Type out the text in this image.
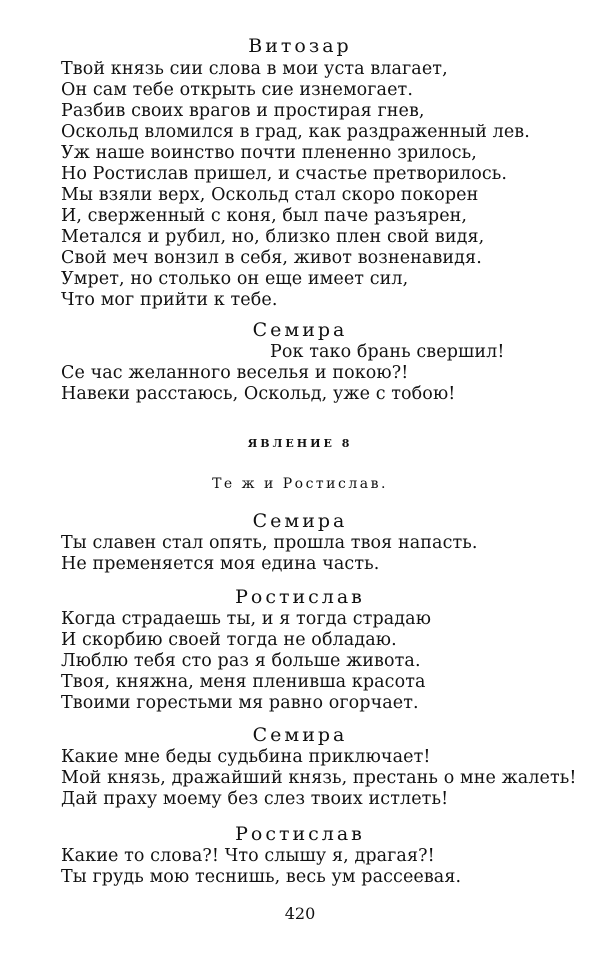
Витозар
Твой князь сии слова в мои уста влагает,
Он сам тебе открыть сие изнемогает.
Разбив своих врагов и простирая гнев,
Оскольд вломился в град, как раздраженный лев.
Уж наше воинство почти плененно зрилось,
Но Ростислав пришел, и счастье претворилось.
Мы взяли верх, Оскольд стал скоро покорен
И, сверженный с коня, был паче разъярен,
Метался и рубил, но, близко плен свой видя,
Свой меч вонзил в себя, живот возненавидя.
Умрет, но столько он еще имеет сил,
Что мог прийти к тебе.
Семира
Рок тако брань свершил!
Се час желанного веселья и покою?!
Навеки расстаюсь, Оскольд, уже с тобою!
ЯВЛЕНИЕ 8
Те ж и Ростислав.
Семира
Ты славен стал опять, прошла твоя напасть.
Не пременяется моя едина часть.
Ростислав
Когда страдаешь ты, и я тогда страдаю
И скорбию своей тогда не обладаю.
Люблю тебя сто раз я больше живота.
Твоя, княжна, меня пленивша красота
Твоими горестьми мя равно огорчает.
Семира
Какие мне беды судьбина приключает!
Мой князь, дражайший князь, престань о мне жалеть!
Дай праху моему без слез твоих истлеть!
Ростислав
Какие то слова?! Что слышу я, драгая?!
Ты грудь мою теснишь, весь ум рассеевая.
420
